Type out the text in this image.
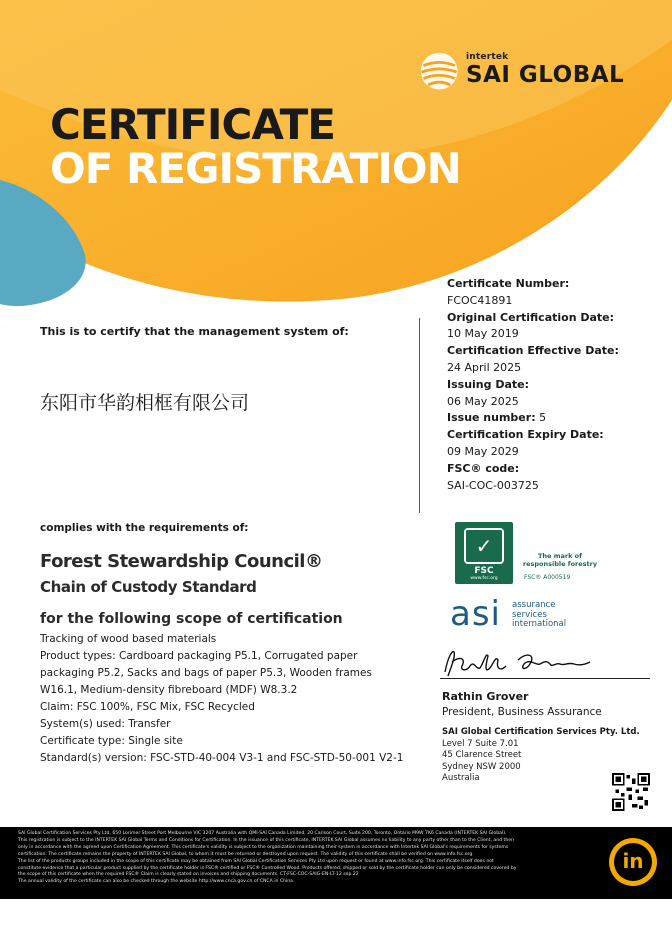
intertek
SAI GLOBAL
CERTIFICATE
OF REGISTRATION
This is to certify that the management system of:
东阳市华韵相框有限公司
Certificate Number:
FCOC41891
Original Certification Date:
10 May 2019
Certification Effective Date:
24 April 2025
Issuing Date:
06 May 2025
Issue number: 5
Certification Expiry Date:
09 May 2029
FSC® code:
SAI-COC-003725
complies with the requirements of:
Forest Stewardship Council®
Chain of Custody Standard
for the following scope of certification
Tracking of wood based materials
Product types: Cardboard packaging P5.1, Corrugated paper packaging P5.2, Sacks and bags of paper P5.3, Wooden frames W16.1, Medium-density fibreboard (MDF) W8.3.2
Claim: FSC 100%, FSC Mix, FSC Recycled
System(s) used: Transfer
Certificate type: Single site
Standard(s) version: FSC-STD-40-004 V3-1 and FSC-STD-50-001 V2-1
✓
FSC
www.fsc.org
The mark of responsible forestry
FSC® A000519
asi assurance
services
international
Rathin Grover
President, Business Assurance
SAI Global Certification Services Pty. Ltd.
Level 7 Suite 7.01
45 Clarence Street
Sydney NSW 2000
Australia
SAI Global Certification Services Pty Ltd, 650 Lorimer Street Port Melbourne VIC 3207 Australia with QMI-SAI Canada Limited, 20 Carlson Court, Suite 200, Toronto, Ontario M9W 7K6 Canada (INTERTEK SAI Global).
This registration is subject to the INTERTEK SAI Global Terms and Conditions for Certification. In the issuance of this certificate, INTERTEK SAI Global assumes no liability to any party other than to the Client, and then
only in accordance with the agreed upon Certification Agreement. This certificate's validity is subject to the organization maintaining their system in accordance with Intertek SAI Global's requirements for systems
certification. The certificate remains the property of INTERTEK SAI Global, to whom it must be returned or destroyed upon request. The validity of this certificate shall be verified on www.info.fsc.org.
The list of the products groups included in the scope of this certificate may be obtained from SAI Global Certification Services Pty Ltd upon request or found at www.info.fsc.org. This certificate itself does not
constitute evidence that a particular product supplied by the certificate holder is FSC® certified or FSC® Controlled Wood. Products offered, shipped or sold by the certificate holder can only be considered covered by
the scope of this certificate when the required FSC® Claim is clearly stated on invoices and shipping documents. CT-FSC-COC-SAIG-EN-LT-12.sep.22
The annual validity of the certificate can also be checked through the website http://www.cnca.gov.cn of CNCA in China.
in
